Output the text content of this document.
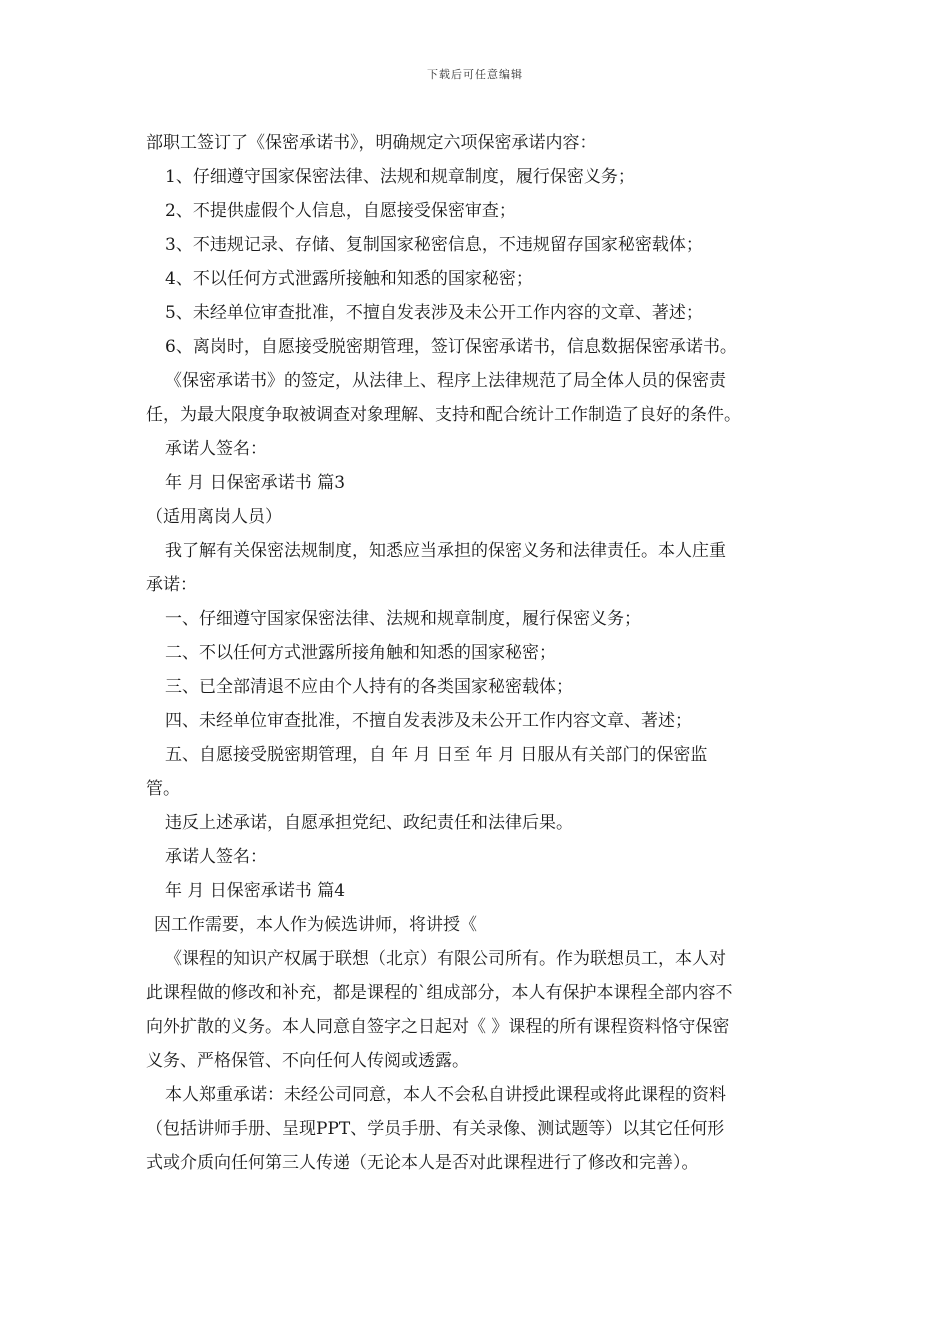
下载后可任意编辑
部职工签订了《保密承诺书》，明确规定六项保密承诺内容：
1、仔细遵守国家保密法律、法规和规章制度，履行保密义务；
2、不提供虚假个人信息，自愿接受保密审查；
3、不违规记录、存储、复制国家秘密信息，不违规留存国家秘密载体；
4、不以任何方式泄露所接触和知悉的国家秘密；
5、未经单位审查批准，不擅自发表涉及未公开工作内容的文章、著述；
6、离岗时，自愿接受脱密期管理，签订保密承诺书，信息数据保密承诺书。
《保密承诺书》的签定，从法律上、程序上法律规范了局全体人员的保密责
任，为最大限度争取被调查对象理解、支持和配合统计工作制造了良好的条件。
承诺人签名：
年 月 日保密承诺书 篇3
（适用离岗人员）
我了解有关保密法规制度，知悉应当承担的保密义务和法律责任。本人庄重
承诺：
一、仔细遵守国家保密法律、法规和规章制度，履行保密义务；
二、不以任何方式泄露所接角触和知悉的国家秘密；
三、已全部清退不应由个人持有的各类国家秘密载体；
四、未经单位审查批准，不擅自发表涉及未公开工作内容文章、著述；
五、自愿接受脱密期管理，自 年 月 日至 年 月 日服从有关部门的保密监
管。
违反上述承诺，自愿承担党纪、政纪责任和法律后果。
承诺人签名：
年 月 日保密承诺书 篇4
因工作需要，本人作为候选讲师，将讲授《
《课程的知识产权属于联想（北京）有限公司所有。作为联想员工，本人对
此课程做的修改和补充，都是课程的`组成部分，本人有保护本课程全部内容不
向外扩散的义务。本人同意自签字之日起对《 》课程的所有课程资料恪守保密
义务、严格保管、不向任何人传阅或透露。
本人郑重承诺：未经公司同意，本人不会私自讲授此课程或将此课程的资料
（包括讲师手册、呈现PPT、学员手册、有关录像、测试题等）以其它任何形
式或介质向任何第三人传递（无论本人是否对此课程进行了修改和完善）。
